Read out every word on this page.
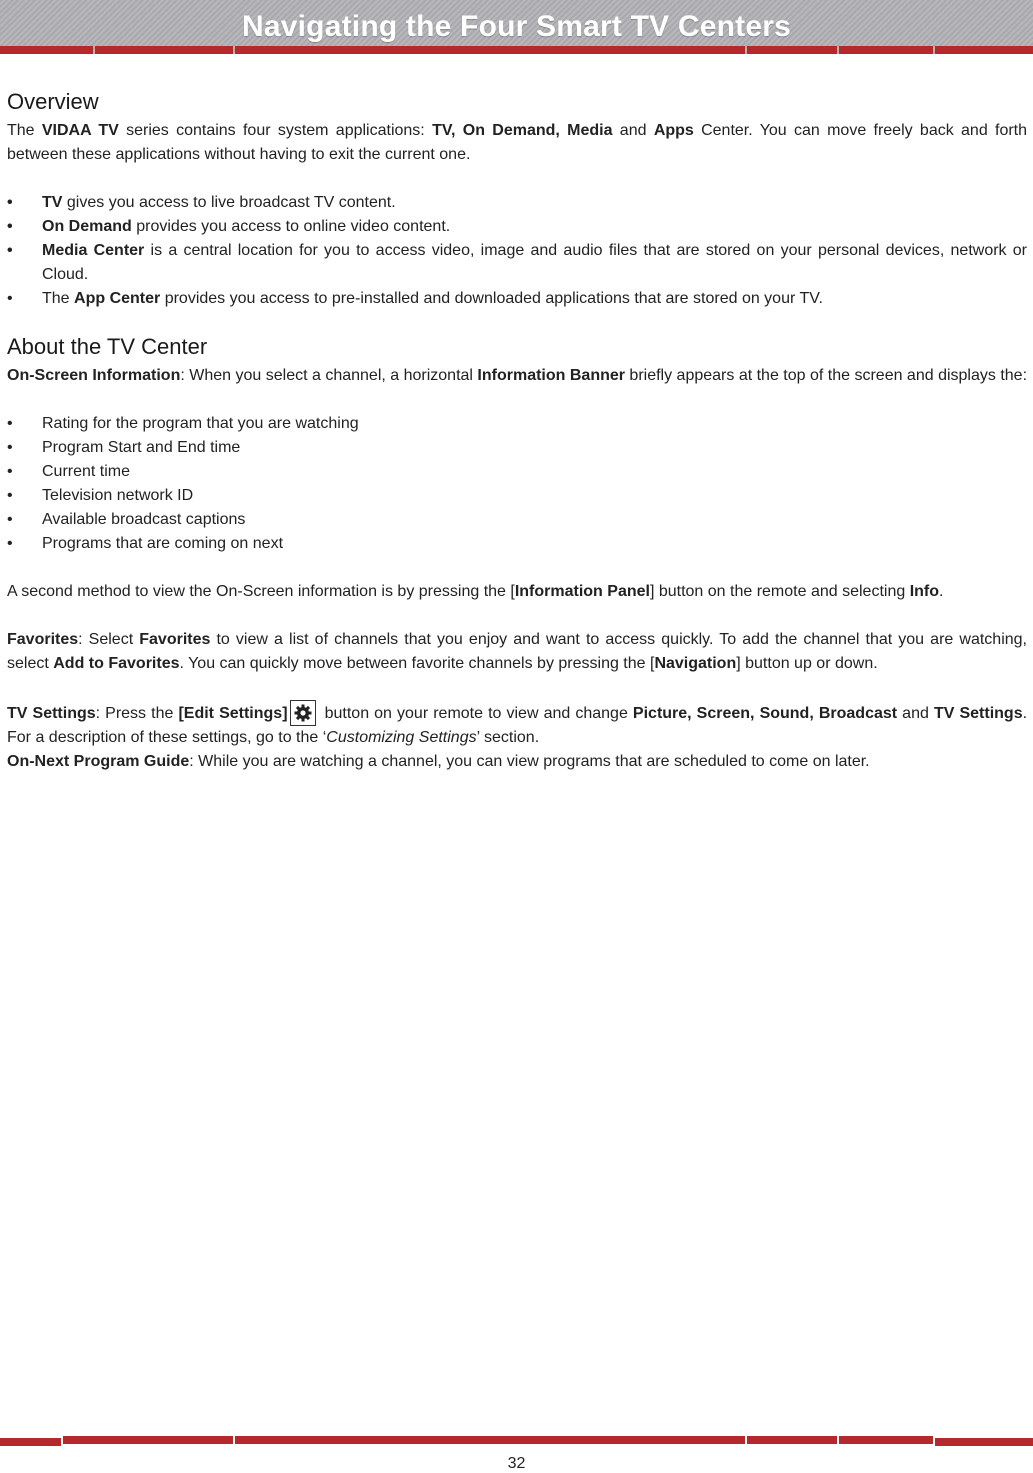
Navigating the Four Smart TV Centers
Overview

The VIDAA TV series contains four system applications: TV, On Demand, Media and Apps Center. You can move freely back and forth between these applications without having to exit the current one.

• TV gives you access to live broadcast TV content.
• On Demand provides you access to online video content.
• Media Center is a central location for you to access video, image and audio files that are stored on your personal devices, network or Cloud.
• The App Center provides you access to pre-installed and downloaded applications that are stored on your TV.
About the TV Center

On-Screen Information: When you select a channel, a horizontal Information Banner briefly appears at the top of the screen and displays the:

• Rating for the program that you are watching
• Program Start and End time
• Current time
• Television network ID
• Available broadcast captions
• Programs that are coming on next

A second method to view the On-Screen information is by pressing the [Information Panel] button on the remote and selecting Info.

Favorites: Select Favorites to view a list of channels that you enjoy and want to access quickly. To add the channel that you are watching, select Add to Favorites. You can quickly move between favorite channels by pressing the [Navigation] button up or down.

TV Settings: Press the [Edit Settings]
button on your remote to view and change Picture, Screen, Sound, Broadcast and TV Settings. For a description of these settings, go to the ‘Customizing Settings’ section.

On-Next Program Guide: While you are watching a channel, you can view programs that are scheduled to come on later.

32
